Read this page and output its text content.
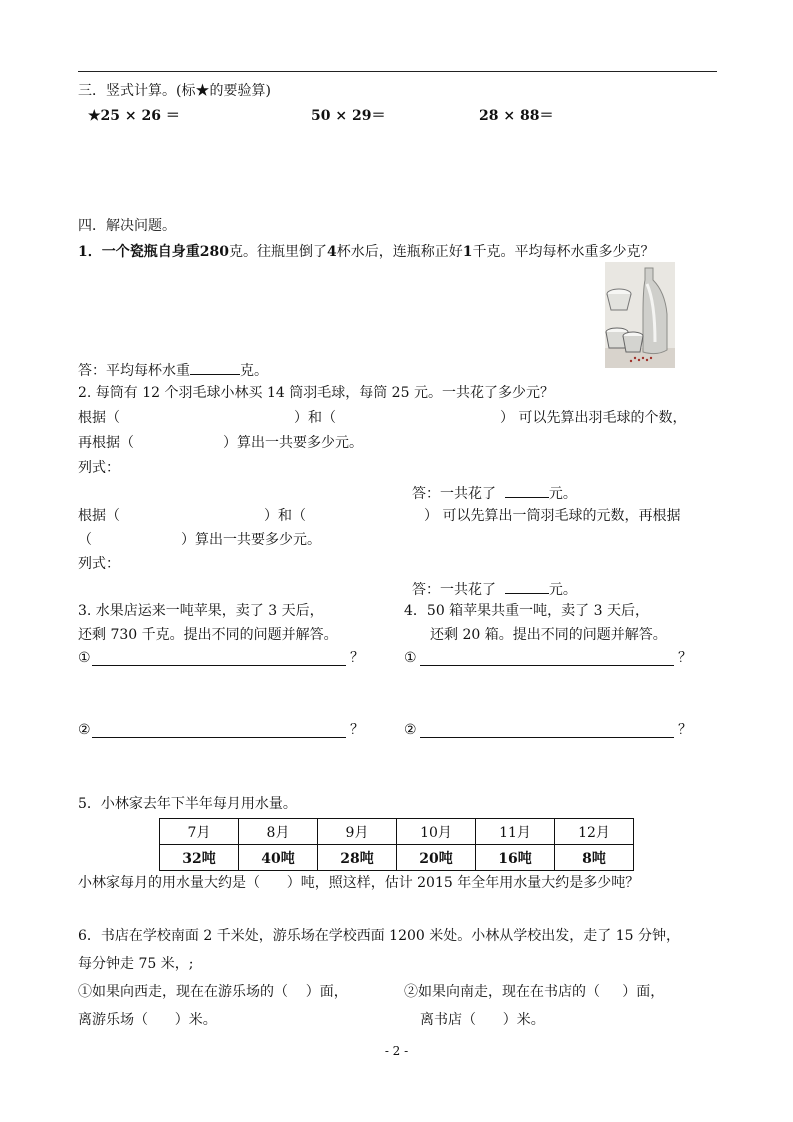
三．竖式计算。(标★的要验算)
★25 × 26 ＝	50 × 29＝	28 × 88＝
四．解决问题。
1．一个瓷瓶自身重280克。往瓶里倒了4杯水后，连瓶称正好1千克。平均每杯水重多少克？
答：平均每杯水重	克。
2. 每筒有 12 个羽毛球小林买 14 筒羽毛球，每筒 25 元。一共花了多少元？
根据（	）和（	） 可以先算出羽毛球的个数，
再根据（                    ）算出一共要多少元。
列式：
答：一共花了	元。
根据（	）和（	） 可以先算出一筒羽毛球的元数，再根据
（                    ）算出一共要多少元。
列式：
答：一共花了	元。
3. 水果店运来一吨苹果，卖了 3 天后，
还剩 730 千克。提出不同的问题并解答。
①	？
②	？
4．50 箱苹果共重一吨，卖了 3 天后，
还剩 20 箱。提出不同的问题并解答。
①	？
②	？
5．小林家去年下半年每月用水量。
7月	8月	9月	10月	11月	12月
32吨	40吨	28吨	20吨	16吨	8吨
小林家每月的用水量大约是（      ）吨，照这样，估计 2015 年全年用水量大约是多少吨？
6．书店在学校南面 2 千米处，游乐场在学校西面 1200 米处。小林从学校出发，走了 15 分钟，
每分钟走 75 米，;
①如果向西走，现在在游乐场的（    ）面，
离游乐场（      ）米。
②如果向南走，现在在书店的（     ）面，
离书店（      ）米。
- 2 -
